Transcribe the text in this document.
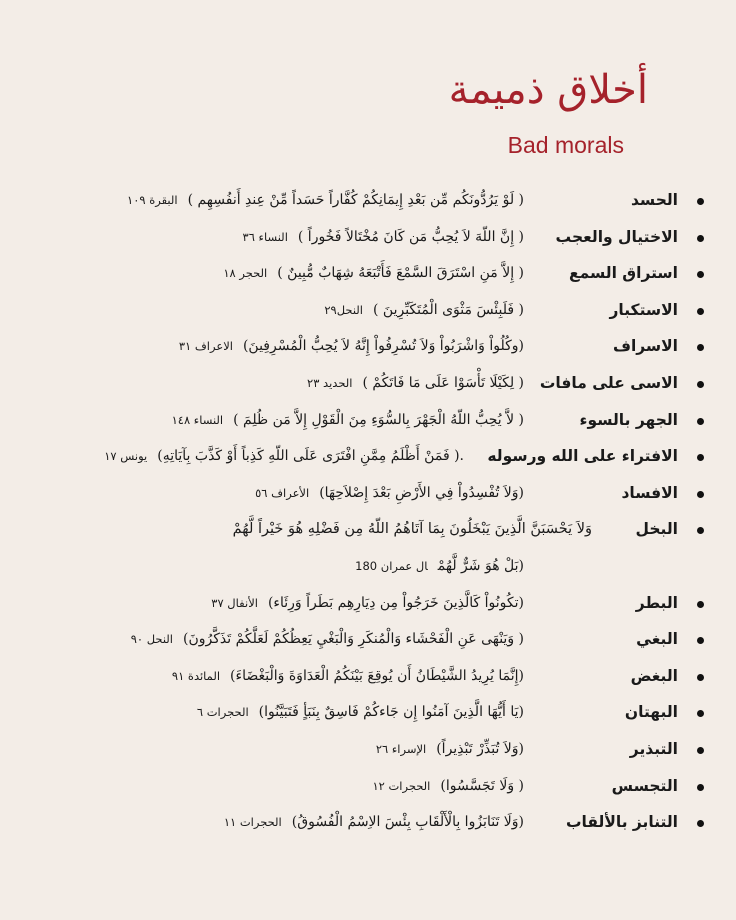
أخلاق ذميمة
Bad morals
الحسد
( لَوْ يَرُدُّونَكُم مِّن بَعْدِ إِيمَانِكُمْ كُفَّاراً حَسَداً مِّنْ عِندِ أَنفُسِهِم )البقرة ١٠٩
الاختيال والعجب
( إِنَّ اللّهَ لاَ يُحِبُّ مَن كَانَ مُخْتَالاً فَخُوراً )النساء ٣٦
استراق السمع
( إِلاَّ مَنِ اسْتَرَقَ السَّمْعَ فَأَتْبَعَهُ شِهَابٌ مُّبِينٌ )الحجر ١٨
الاستكبار
( فَلَبِئْسَ مَثْوَى الْمُتَكَبِّرِينَ )النحل٢٩
الاسراف
(وكُلُواْ وَاشْرَبُواْ وَلاَ تُسْرِفُواْ إِنَّهُ لاَ يُحِبُّ الْمُسْرِفِينَ)الاعراف ٣١
الاسى على مافات
( لِكَيْلَا تَأْسَوْا عَلَى مَا فَاتَكُمْ )الحديد ٢٣
الجهر بالسوء
( لاَّ يُحِبُّ اللّهُ الْجَهْرَ بِالسُّوَءِ مِنَ الْقَوْلِ إِلاَّ مَن ظُلِمَ )النساء ١٤٨
الافتراء على الله ورسوله
.( فَمَنْ أَظْلَمُ مِمَّنِ افْتَرَى عَلَى اللّهِ كَذِباً أَوْ كَذَّبَ بِآيَاتِهِ)يونس ١٧
الافساد
(وَلاَ تُفْسِدُواْ فِي الأَرْضِ بَعْدَ إِصْلاَحِهَا)الأعراف ٥٦
البخل
وَلاَ يَحْسَبَنَّ الَّذِينَ يَبْخَلُونَ بِمَا آتَاهُمُ اللّهُ مِن فَضْلِهِ هُوَ خَيْراً لَّهُمْ
(بَلْ هُوَ شَرٌّ لَّهُمْال عمران 180
البطر
(تكُونُواْ كَالَّذِينَ خَرَجُواْ مِن دِيَارِهِم بَطَراً وَرِئَاء)الأنفال ٣٧
البغي
( وَيَنْهَى عَنِ الْفَحْشَاء وَالْمُنكَرِ وَالْبَغْيِ يَعِظُكُمْ لَعَلَّكُمْ تَذَكَّرُونَ)النحل ٩٠
البغض
(إِنَّمَا يُرِيدُ الشَّيْطَانُ أَن يُوقِعَ بَيْنَكُمُ الْعَدَاوَةَ وَالْبَغْضَاءَ)المائدة ٩١
البهتان
(يَا أَيُّهَا الَّذِينَ آمَنُوا إِن جَاءكُمْ فَاسِقٌ بِنَبَأٍ فَتَبَيَّنُوا)الحجرات ٦
التبذير
(وَلاَ تُبَذِّرْ تَبْذِيراً)الإسراء ٢٦
التجسس
( وَلَا تَجَسَّسُوا)الحجرات ١٢
التنابز بالألقاب
(وَلَا تَنَابَزُوا بِالْأَلْقَابِ بِئْسَ الاِسْمُ الْفُسُوقُ)الحجرات ١١
